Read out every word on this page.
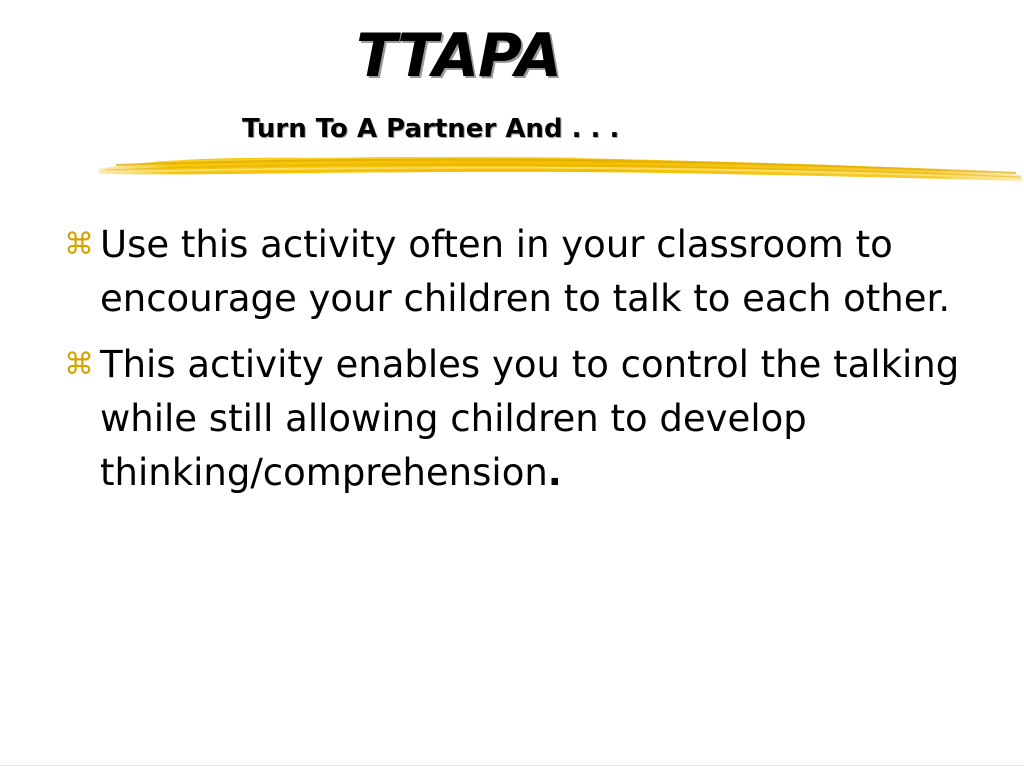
TTAPA
Turn To A Partner And . . .
⌘ Use this activity often in your classroom to encourage your children to talk to each other.
⌘ This activity enables you to control the talking while still allowing children to develop thinking/comprehension.
